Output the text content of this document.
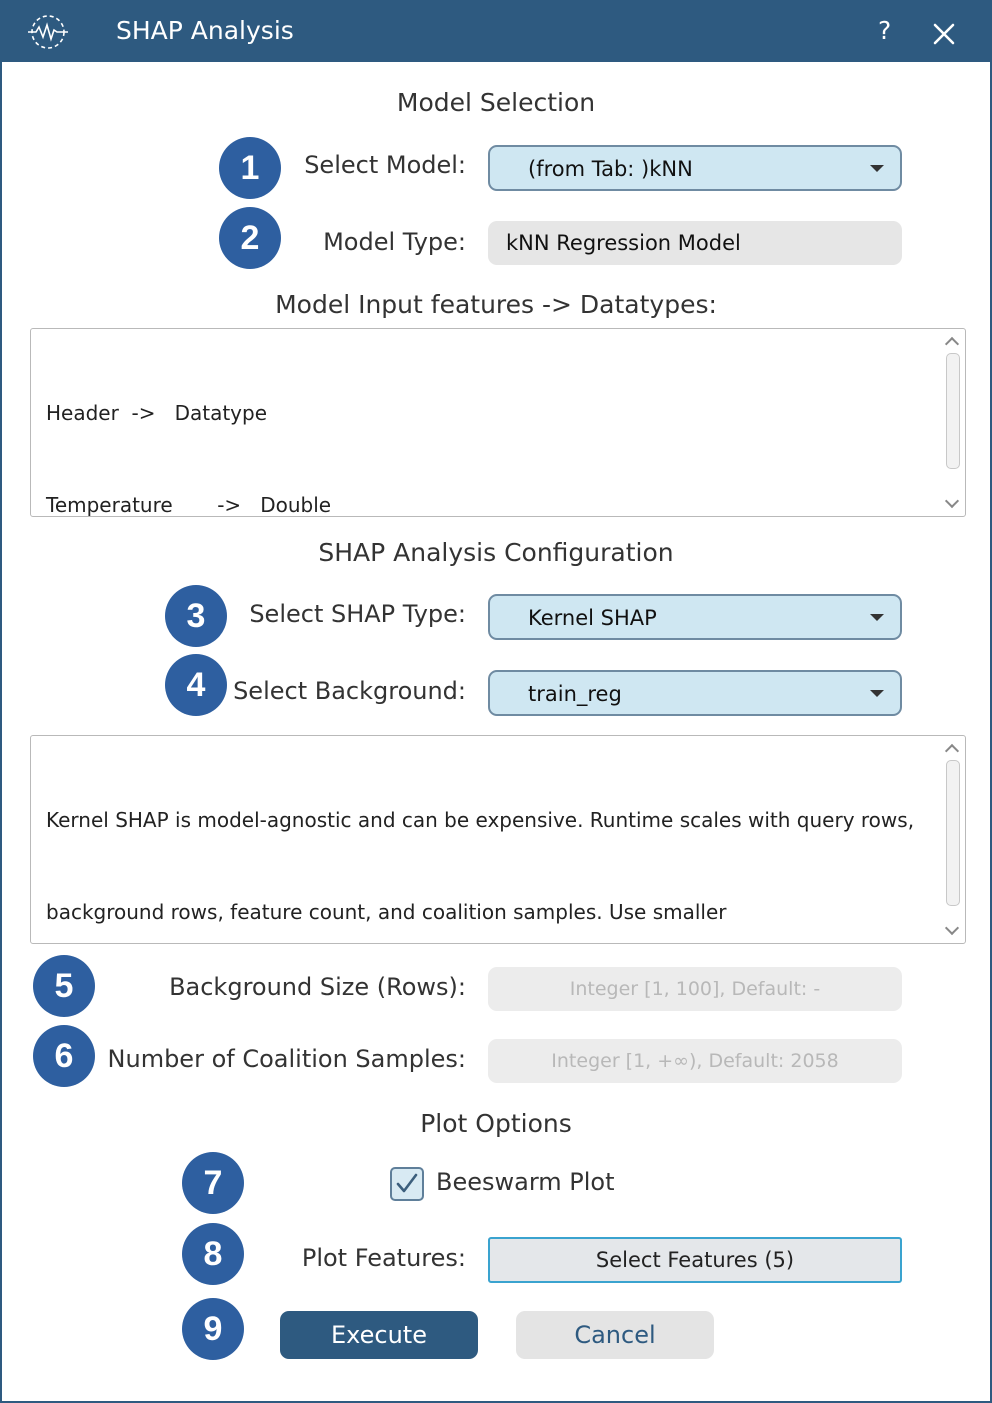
SHAP Analysis	?
Model Selection
1	Select Model:	(from Tab: )kNN
2	Model Type: kNN Regression Model
Model Input features -> Datatypes:

Header  ->   Datatype

Temperature       ->   Double

SHAP Analysis Configuration
3	Select SHAP Type:	Kernel SHAP
4	Select Background:	train_reg

Kernel SHAP is model-agnostic and can be expensive. Runtime scales with query rows,

background rows, feature count, and coalition samples. Use smaller

5	Background Size (Rows):
Integer [1, 100], Default: -
6	Number of Coalition Samples:
Integer [1, +∞), Default: 2058
Plot Options
7	Beeswarm Plot
8	Plot Features:	Select Features (5)
9	Execute	Cancel
